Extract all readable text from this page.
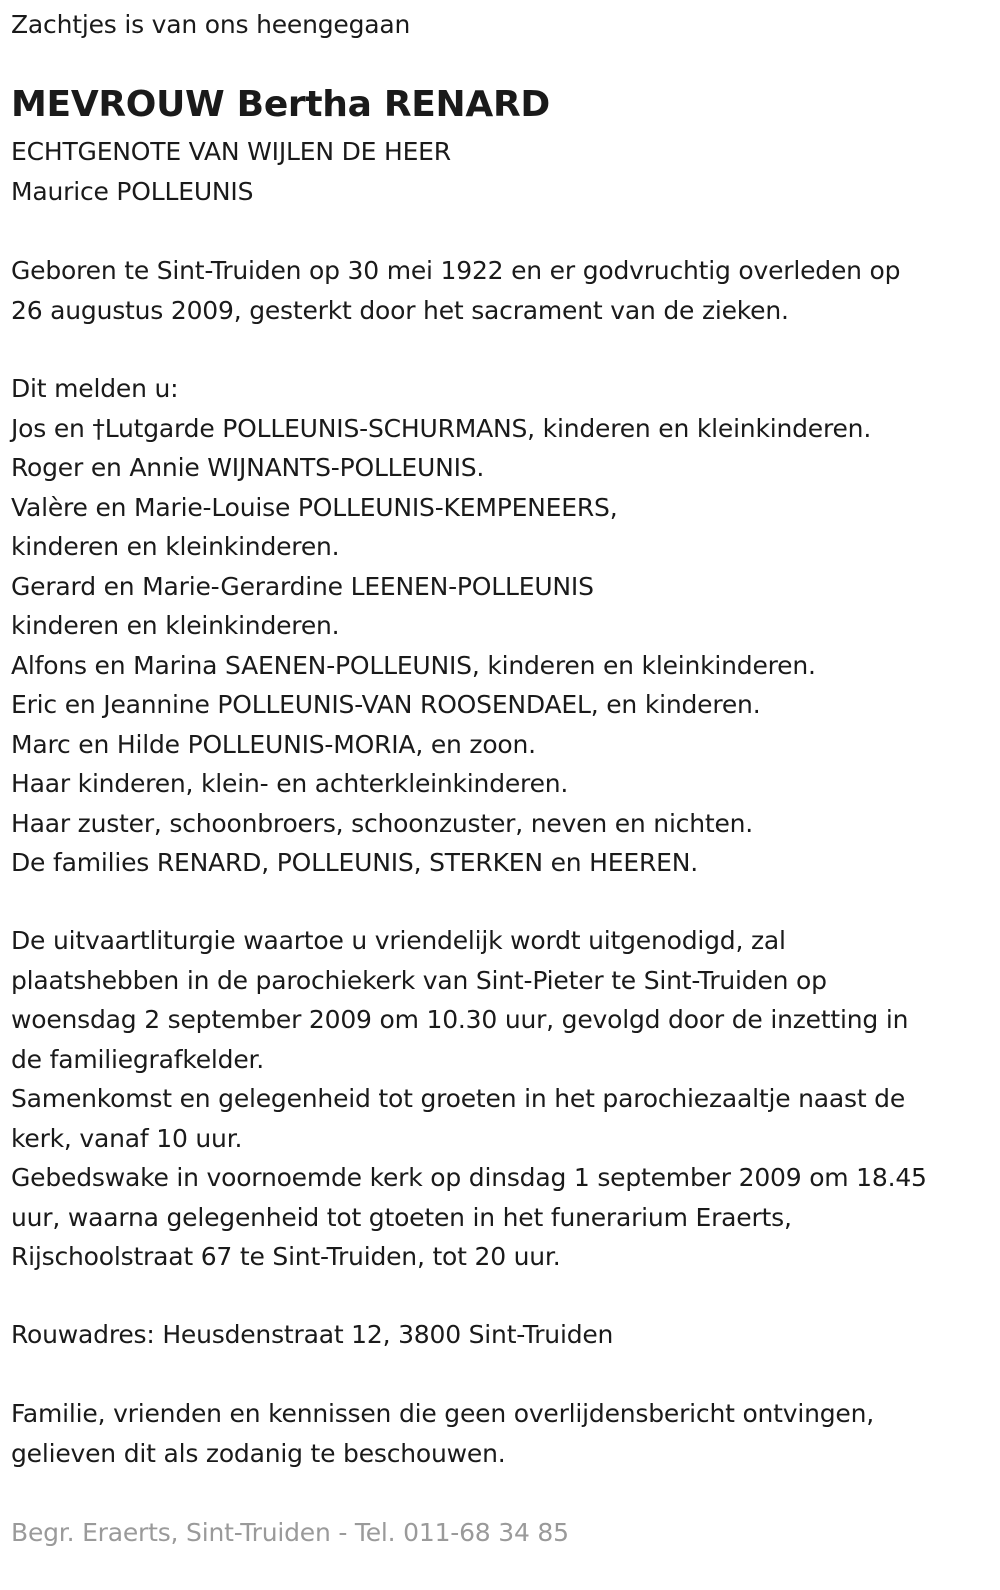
Zachtjes is van ons heengegaan
MEVROUW Bertha RENARD
ECHTGENOTE VAN WIJLEN DE HEER
Maurice POLLEUNIS
Geboren te Sint-Truiden op 30 mei 1922 en er godvruchtig overleden op
26 augustus 2009, gesterkt door het sacrament van de zieken.
Dit melden u:
Jos en †Lutgarde POLLEUNIS-SCHURMANS, kinderen en kleinkinderen.
Roger en Annie WIJNANTS-POLLEUNIS.
Valère en Marie-Louise POLLEUNIS-KEMPENEERS,
kinderen en kleinkinderen.
Gerard en Marie-Gerardine LEENEN-POLLEUNIS
kinderen en kleinkinderen.
Alfons en Marina SAENEN-POLLEUNIS, kinderen en kleinkinderen.
Eric en Jeannine POLLEUNIS-VAN ROOSENDAEL, en kinderen.
Marc en Hilde POLLEUNIS-MORIA, en zoon.
Haar kinderen, klein- en achterkleinkinderen.
Haar zuster, schoonbroers, schoonzuster, neven en nichten.
De families RENARD, POLLEUNIS, STERKEN en HEEREN.
De uitvaartliturgie waartoe u vriendelijk wordt uitgenodigd, zal
plaatshebben in de parochiekerk van Sint-Pieter te Sint-Truiden op
woensdag 2 september 2009 om 10.30 uur, gevolgd door de inzetting in
de familiegrafkelder.
Samenkomst en gelegenheid tot groeten in het parochiezaaltje naast de
kerk, vanaf 10 uur.
Gebedswake in voornoemde kerk op dinsdag 1 september 2009 om 18.45
uur, waarna gelegenheid tot gtoeten in het funerarium Eraerts,
Rijschoolstraat 67 te Sint-Truiden, tot 20 uur.
Rouwadres: Heusdenstraat 12, 3800 Sint-Truiden
Familie, vrienden en kennissen die geen overlijdensbericht ontvingen,
gelieven dit als zodanig te beschouwen.
Begr. Eraerts, Sint-Truiden - Tel. 011-68 34 85
